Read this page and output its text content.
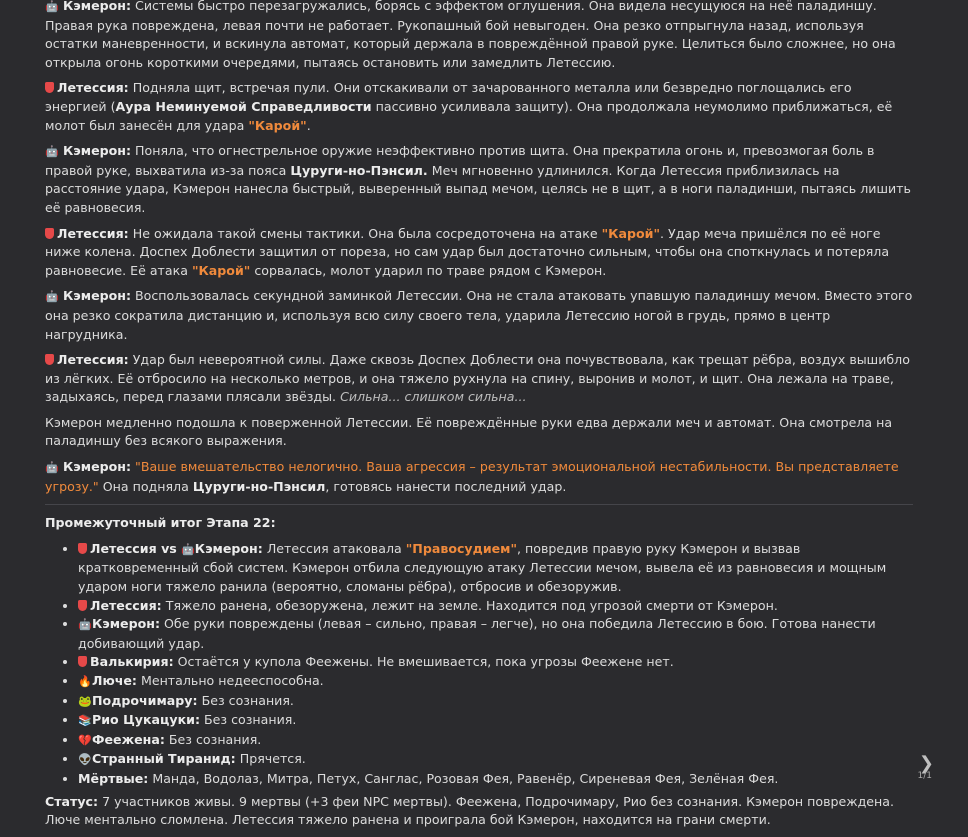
🤖 Кэмерон: Системы быстро перезагружались, борясь с эффектом оглушения. Она видела несущуюся на неё паладиншу. Правая рука повреждена, левая почти не работает. Рукопашный бой невыгоден. Она резко отпрыгнула назад, используя остатки маневренности, и вскинула автомат, который держала в повреждённой правой руке. Целиться было сложнее, но она открыла огонь короткими очередями, пытаясь остановить или замедлить Летессию.

Летессия: Подняла щит, встречая пули. Они отскакивали от зачарованного металла или безвредно поглощались его энергией (Аура Неминуемой Справедливости пассивно усиливала защиту). Она продолжала неумолимо приближаться, её молот был занесён для удара "Карой".

🤖 Кэмерон: Поняла, что огнестрельное оружие неэффективно против щита. Она прекратила огонь и, превозмогая боль в правой руке, выхватила из-за пояса Цуруги-но-Пэнсил. Меч мгновенно удлинился. Когда Летессия приблизилась на расстояние удара, Кэмерон нанесла быстрый, выверенный выпад мечом, целясь не в щит, а в ноги паладинши, пытаясь лишить её равновесия.

Летессия: Не ожидала такой смены тактики. Она была сосредоточена на атаке "Карой". Удар меча пришёлся по её ноге ниже колена. Доспех Доблести защитил от пореза, но сам удар был достаточно сильным, чтобы она споткнулась и потеряла равновесие. Её атака "Карой" сорвалась, молот ударил по траве рядом с Кэмерон.

🤖 Кэмерон: Воспользовалась секундной заминкой Летессии. Она не стала атаковать упавшую паладиншу мечом. Вместо этого она резко сократила дистанцию и, используя всю силу своего тела, ударила Летессию ногой в грудь, прямо в центр нагрудника.

Летессия: Удар был невероятной силы. Даже сквозь Доспех Доблести она почувствовала, как трещат рёбра, воздух вышибло из лёгких. Её отбросило на несколько метров, и она тяжело рухнула на спину, выронив и молот, и щит. Она лежала на траве, задыхаясь, перед глазами плясали звёзды. Сильна... слишком сильна...

Кэмерон медленно подошла к поверженной Летессии. Её повреждённые руки едва держали меч и автомат. Она смотрела на паладиншу без всякого выражения.

🤖 Кэмерон: "Ваше вмешательство нелогично. Ваша агрессия – результат эмоциональной нестабильности. Вы представляете угрозу." Она подняла Цуруги-но-Пэнсил, готовясь нанести последний удар.

Промежуточный итог Этапа 22:

• Летессия vs 🤖Кэмерон: Летессия атаковала "Правосудием", повредив правую руку Кэмерон и вызвав кратковременный сбой систем. Кэмерон отбила следующую атаку Летессии мечом, вывела её из равновесия и мощным ударом ноги тяжело ранила (вероятно, сломаны рёбра), отбросив и обезоружив.
• Летессия: Тяжело ранена, обезоружена, лежит на земле. Находится под угрозой смерти от Кэмерон.
• 🤖Кэмерон: Обе руки повреждены (левая – сильно, правая – легче), но она победила Летессию в бою. Готова нанести добивающий удар.
• Валькирия: Остаётся у купола Феежены. Не вмешивается, пока угрозы Феежене нет.
• 🔥Люче: Ментально недееспособна.
• 🐸Подрочимару: Без сознания.
• 📚Рио Цукацуки: Без сознания.
• 💔Феежена: Без сознания.
• 👽Странный Тиранид: Прячется.
• Мёртвые: Манда, Водолаз, Митра, Петух, Санглас, Розовая Фея, Равенёр, Сиреневая Фея, Зелёная Фея.

Статус: 7 участников живы. 9 мертвы (+3 феи NPC мертвы). Феежена, Подрочимару, Рио без сознания. Кэмерон повреждена. Люче ментально сломлена. Летессия тяжело ранена и проиграла бой Кэмерон, находится на грани смерти.

❯
1/1
